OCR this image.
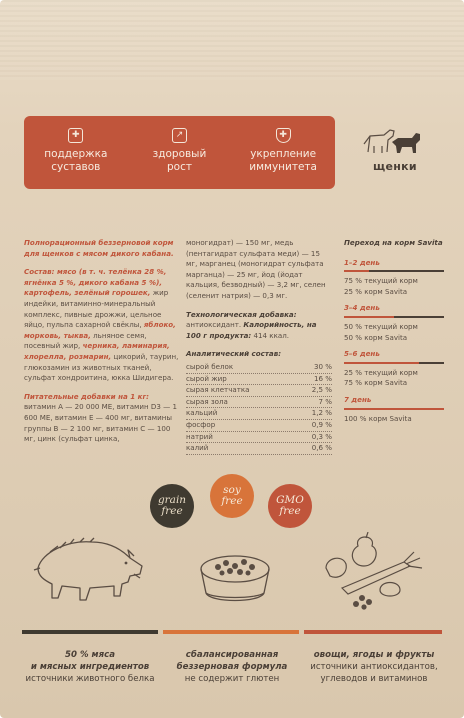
✚
поддержка
суставов
↗
здоровый
рост
✚
укрепление
иммунитета	щенки
Полнорационный беззерновой корм для щенков с мясом дикого кабана.
Состав: мясо (в т. ч. телёнка 28 %, ягнёнка 5 %, дикого кабана 5 %), картофель, зелёный горошек, жир индейки, витаминно-минеральный комплекс, пивные дрожжи, цельное яйцо, пульпа сахарной свёклы, яблоко, морковь, тыква, льняное семя, посевный жир, черника, ламинария, хлорелла, розмарин, цикорий, таурин, глюкозамин из животных тканей, сульфат хондроитина, юкка Шидигера.
Питательные добавки на 1 кг:
витамин А — 20 000 МЕ, витамин D3 — 1 600 МЕ, витамин Е — 400 мг, витамины группы В — 2 100 мг, витамин С — 100 мг, цинк (сульфат цинка,
моногидрат) — 150 мг, медь (пентагидрат сульфата меди) — 15 мг, марганец (моногидрат сульфата марганца) — 25 мг, йод (йодат кальция, безводный) — 3,2 мг, селен (селенит натрия) — 0,3 мг.
Технологическая добавка:
антиоксидант. Калорийность, на 100 г продукта: 414 ккал.
Аналитический состав:
сырой белок	30 %
сырой жир	16 %
сырая клетчатка	2,5 %
сырая зола	7 %
кальций	1,2 %
фосфор	0,9 %
натрий	0,3 %
калий	0,6 %
Переход на корм Savita
1–2 день
75 % текущий корм
25 % корм Savita
3–4 день
50 % текущий корм
50 % корм Savita
5–6 день
25 % текущий корм
75 % корм Savita
7 день
100 % корм Savita
grain
free
soy
free	GMO
free
50 % мяса
и мясных ингредиентов
источники животного белка
сбалансированная
беззерновая формула
не содержит глютен
овощи, ягоды и фрукты
источники антиоксидантов,
углеводов и витаминов
